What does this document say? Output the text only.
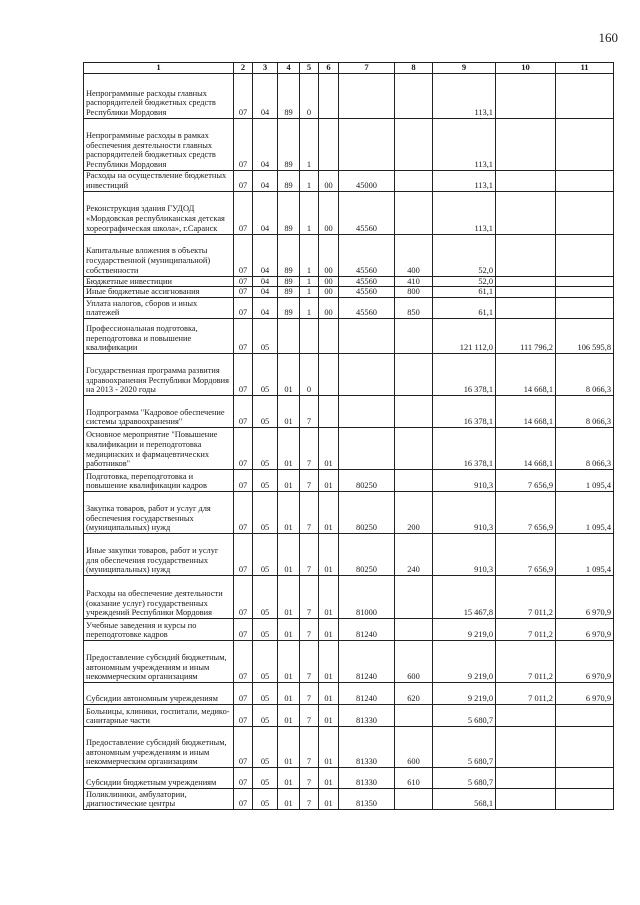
160
1	2	3	4	5	6	7	8	9	10	11
Непрограммные расходы главных распорядителей бюджетных средств Республики Мордовия	07	04	89	0				113,1		
Непрограммные расходы в рамках обеспечения деятельности главных распорядителей бюджетных средств Республики Мордовия	07	04	89	1				113,1		
Расходы на осуществление бюджетных инвестиций	07	04	89	1	00	45000		113,1		
Реконструкция здания ГУДОД «Мордовская республиканская детская хореографическая школа», г.Саранск	07	04	89	1	00	45560		113,1		
Капитальные вложения в объекты государственной (муниципальной) собственности	07	04	89	1	00	45560	400	52,0		
Бюджетные инвестиции	07	04	89	1	00	45560	410	52,0		
Иные бюджетные ассигнования	07	04	89	1	00	45560	800	61,1		
Уплата налогов, сборов и иных платежей	07	04	89	1	00	45560	850	61,1		
Профессиональная подготовка, переподготовка и повышение квалификации	07	05						121 112,0	111 796,2	106 595,8
Государственная программа развития здравоохранения Республики Мордовия на 2013 - 2020 годы	07	05	01	0				16 378,1	14 668,1	8 066,3
Подпрограмма "Кадровое обеспечение системы здравоохранения"	07	05	01	7				16 378,1	14 668,1	8 066,3
Основное мероприятие "Повышение квалификации и переподготовка медицинских и фармацевтических работников"	07	05	01	7	01			16 378,1	14 668,1	8 066,3
Подготовка, переподготовка и повышение квалификации кадров	07	05	01	7	01	80250		910,3	7 656,9	1 095,4
Закупка товаров, работ и услуг для обеспечения государственных (муниципальных) нужд	07	05	01	7	01	80250	200	910,3	7 656,9	1 095,4
Иные закупки товаров, работ и услуг для обеспечения государственных (муниципальных) нужд	07	05	01	7	01	80250	240	910,3	7 656,9	1 095,4
Расходы на обеспечение деятельности (оказание услуг) государственных учреждений Республики Мордовия	07	05	01	7	01	81000		15 467,8	7 011,2	6 970,9
Учебные заведения и курсы по переподготовке кадров	07	05	01	7	01	81240		9 219,0	7 011,2	6 970,9
Предоставление субсидий бюджетным, автономным учреждениям и иным некоммерческим организациям	07	05	01	7	01	81240	600	9 219,0	7 011,2	6 970,9
Субсидии автономным учреждениям	07	05	01	7	01	81240	620	9 219,0	7 011,2	6 970,9
Больницы, клиники, госпитали, медико-санитарные части	07	05	01	7	01	81330		5 680,7		
Предоставление субсидий бюджетным, автономным учреждениям и иным некоммерческим организациям	07	05	01	7	01	81330	600	5 680,7		
Субсидии бюджетным учреждениям	07	05	01	7	01	81330	610	5 680,7		
Поликлиники, амбулатории, диагностические центры	07	05	01	7	01	81350		568,1		
